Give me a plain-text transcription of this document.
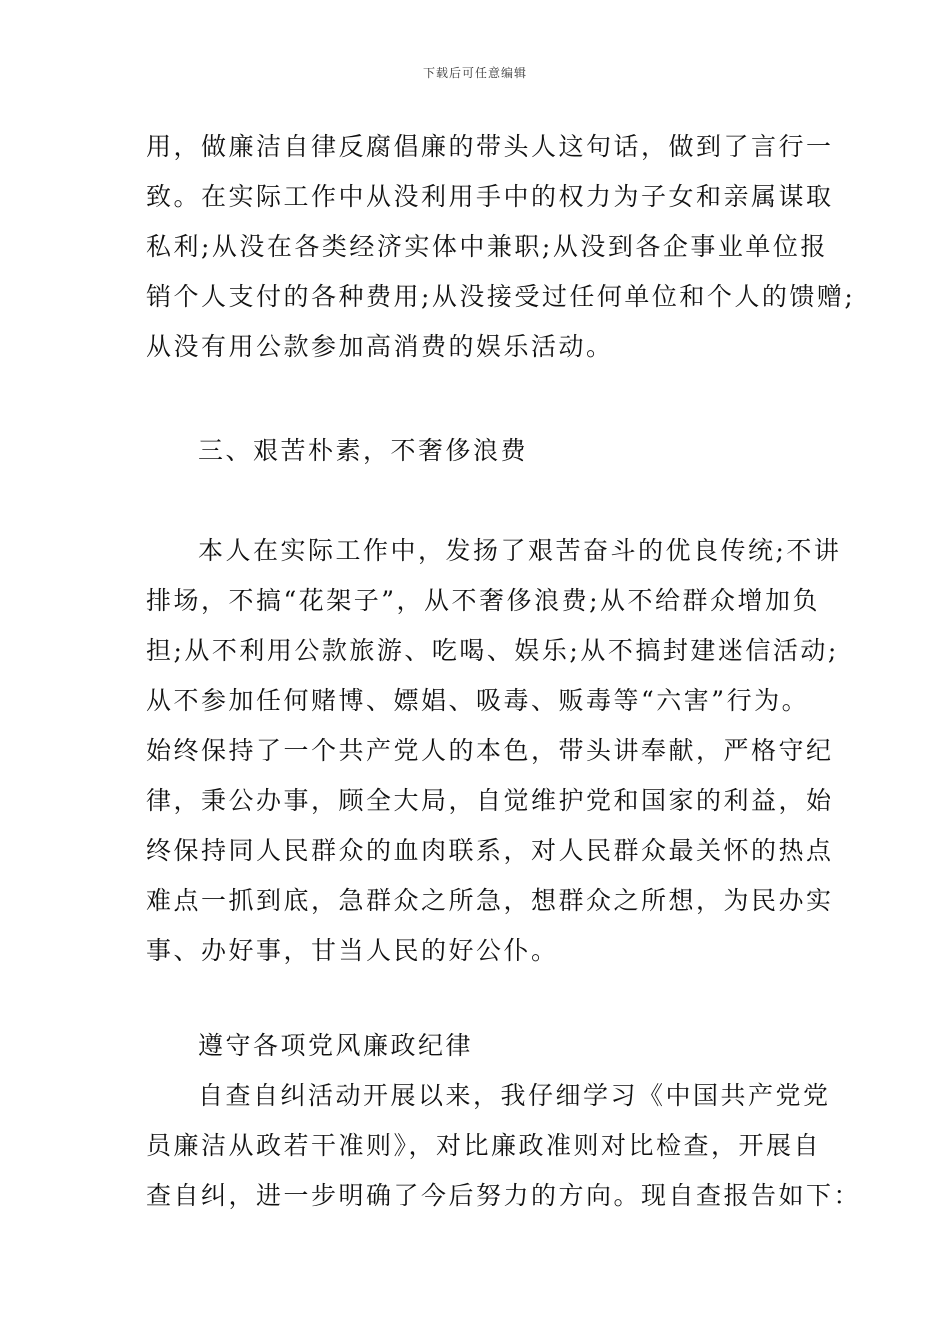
下载后可任意编辑
用，做廉洁自律反腐倡廉的带头人这句话，做到了言行一
致。在实际工作中从没利用手中的权力为子女和亲属谋取
私利;从没在各类经济实体中兼职;从没到各企事业单位报
销个人支付的各种费用;从没接受过任何单位和个人的馈赠;
从没有用公款参加高消费的娱乐活动。
三、艰苦朴素，不奢侈浪费
本人在实际工作中，发扬了艰苦奋斗的优良传统;不讲
排场，不搞“花架子”，从不奢侈浪费;从不给群众增加负
担;从不利用公款旅游、吃喝、娱乐;从不搞封建迷信活动;
从不参加任何赌博、嫖娼、吸毒、贩毒等“六害”行为。
始终保持了一个共产党人的本色，带头讲奉献，严格守纪
律，秉公办事，顾全大局，自觉维护党和国家的利益，始
终保持同人民群众的血肉联系，对人民群众最关怀的热点
难点一抓到底，急群众之所急，想群众之所想，为民办实
事、办好事，甘当人民的好公仆。
遵守各项党风廉政纪律
自查自纠活动开展以来，我仔细学习《中国共产党党
员廉洁从政若干准则》，对比廉政准则对比检查，开展自
查自纠，进一步明确了今后努力的方向。现自查报告如下：
